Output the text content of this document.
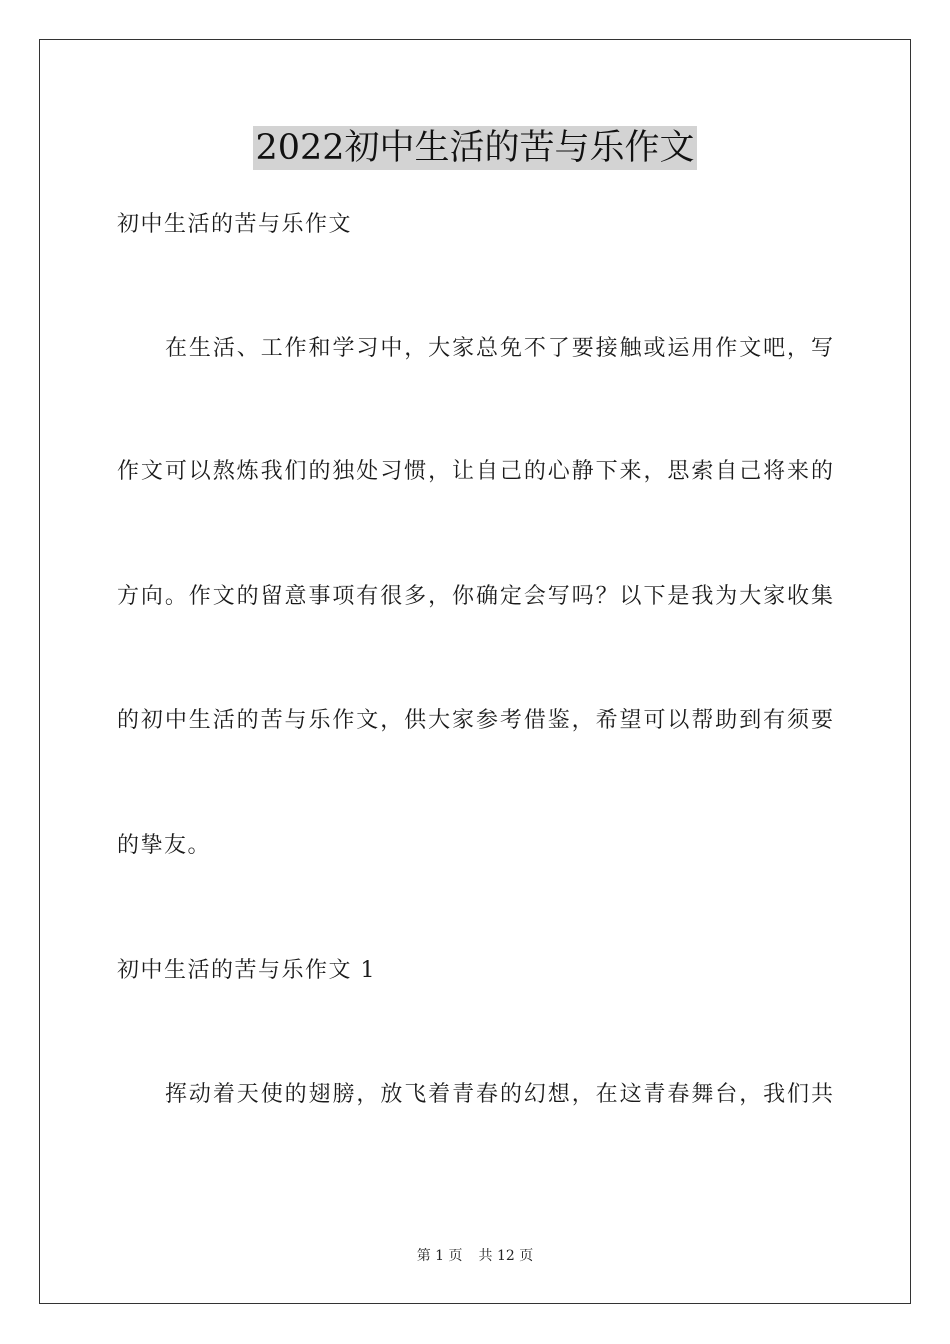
2022初中生活的苦与乐作文
初中生活的苦与乐作文
在生活、工作和学习中，大家总免不了要接触或运用作文吧，写
作文可以熬炼我们的独处习惯，让自己的心静下来，思索自己将来的
方向。作文的留意事项有很多，你确定会写吗？以下是我为大家收集
的初中生活的苦与乐作文，供大家参考借鉴，希望可以帮助到有须要
的挚友。
初中生活的苦与乐作文 1
挥动着天使的翅膀，放飞着青春的幻想，在这青春舞台，我们共
第 1 页 共 12 页
